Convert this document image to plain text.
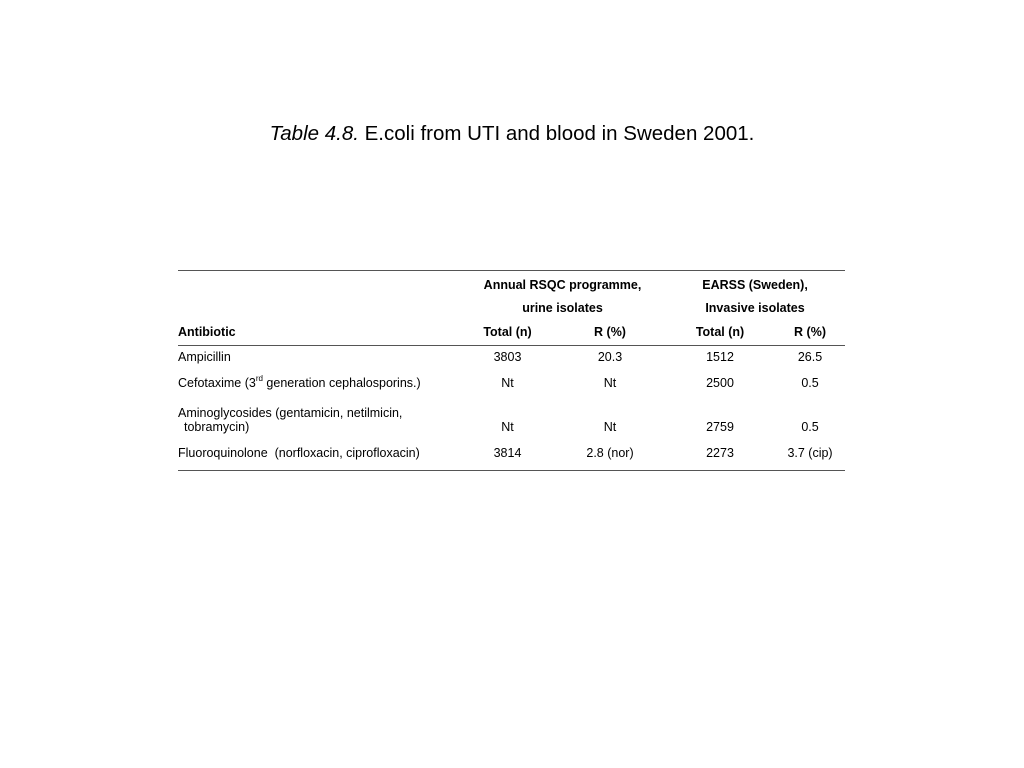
Table 4.8. E.coli from UTI and blood in Sweden 2001.
	Annual RSQC programme,		EARSS (Sweden),	
	urine isolates		Invasive isolates	
Antibiotic	Total (n)	R (%)	Total (n)	R (%)

Ampicillin	3803	20.3	1512	26.5

Cefotaxime (3rd generation cephalosporins.)	Nt	Nt	2500	0.5

Aminoglycosides (gentamicin, netilmicin,
tobramycin)	Nt	Nt	2759	0.5

Fluoroquinolone  (norfloxacin, ciprofloxacin)	3814	2.8 (nor)	2273	3.7 (cip)
